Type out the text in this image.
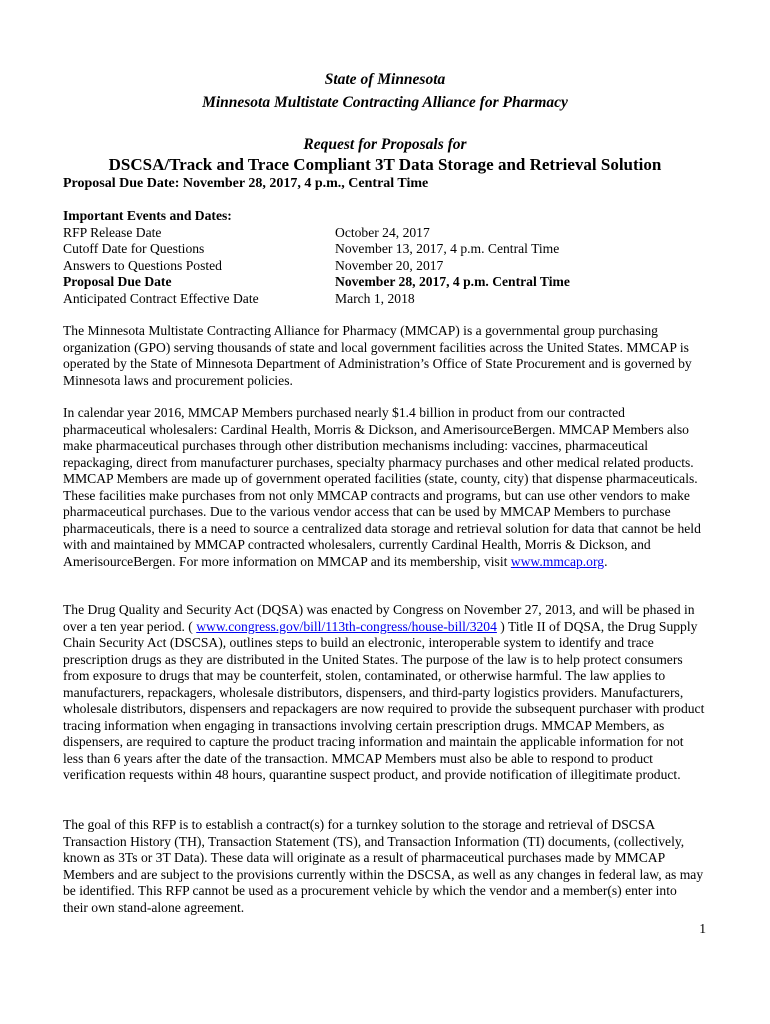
State of Minnesota
Minnesota Multistate Contracting Alliance for Pharmacy
Request for Proposals for
DSCSA/Track and Trace Compliant 3T Data Storage and Retrieval Solution
Proposal Due Date: November 28, 2017, 4 p.m., Central Time
Important Events and Dates:
RFP Release Date	October 24, 2017
Cutoff Date for Questions	November 13, 2017, 4 p.m. Central Time
Answers to Questions Posted	November 20, 2017
Proposal Due Date	November 28, 2017, 4 p.m. Central Time
Anticipated Contract Effective Date	March 1, 2018

The Minnesota Multistate Contracting Alliance for Pharmacy (MMCAP) is a governmental group purchasing organization (GPO) serving thousands of state and local government facilities across the United States. MMCAP is operated by the State of Minnesota Department of Administration’s Office of State Procurement and is governed by Minnesota laws and procurement policies.

In calendar year 2016, MMCAP Members purchased nearly $1.4 billion in product from our contracted pharmaceutical wholesalers: Cardinal Health, Morris & Dickson, and AmerisourceBergen. MMCAP Members also make pharmaceutical purchases through other distribution mechanisms including: vaccines, pharmaceutical repackaging, direct from manufacturer purchases, specialty pharmacy purchases and other medical related products. MMCAP Members are made up of government operated facilities (state, county, city) that dispense pharmaceuticals. These facilities make purchases from not only MMCAP contracts and programs, but can use other vendors to make pharmaceutical purchases. Due to the various vendor access that can be used by MMCAP Members to purchase pharmaceuticals, there is a need to source a centralized data storage and retrieval solution for data that cannot be held with and maintained by MMCAP contracted wholesalers, currently Cardinal Health, Morris & Dickson, and AmerisourceBergen. For more information on MMCAP and its membership, visit www.mmcap.org.

The Drug Quality and Security Act (DQSA) was enacted by Congress on November 27, 2013, and will be phased in over a ten year period. ( www.congress.gov/bill/113th-congress/house-bill/3204 ) Title II of DQSA, the Drug Supply Chain Security Act (DSCSA), outlines steps to build an electronic, interoperable system to identify and trace prescription drugs as they are distributed in the United States. The purpose of the law is to help protect consumers from exposure to drugs that may be counterfeit, stolen, contaminated, or otherwise harmful. The law applies to manufacturers, repackagers, wholesale distributors, dispensers, and third-party logistics providers. Manufacturers, wholesale distributors, dispensers and repackagers are now required to provide the subsequent purchaser with product tracing information when engaging in transactions involving certain prescription drugs. MMCAP Members, as dispensers, are required to capture the product tracing information and maintain the applicable information for not less than 6 years after the date of the transaction. MMCAP Members must also be able to respond to product verification requests within 48 hours, quarantine suspect product, and provide notification of illegitimate product.

The goal of this RFP is to establish a contract(s) for a turnkey solution to the storage and retrieval of DSCSA Transaction History (TH), Transaction Statement (TS), and Transaction Information (TI) documents, (collectively, known as 3Ts or 3T Data). These data will originate as a result of pharmaceutical purchases made by MMCAP Members and are subject to the provisions currently within the DSCSA, as well as any changes in federal law, as may be identified. This RFP cannot be used as a procurement vehicle by which the vendor and a member(s) enter into their own stand-alone agreement.

1
